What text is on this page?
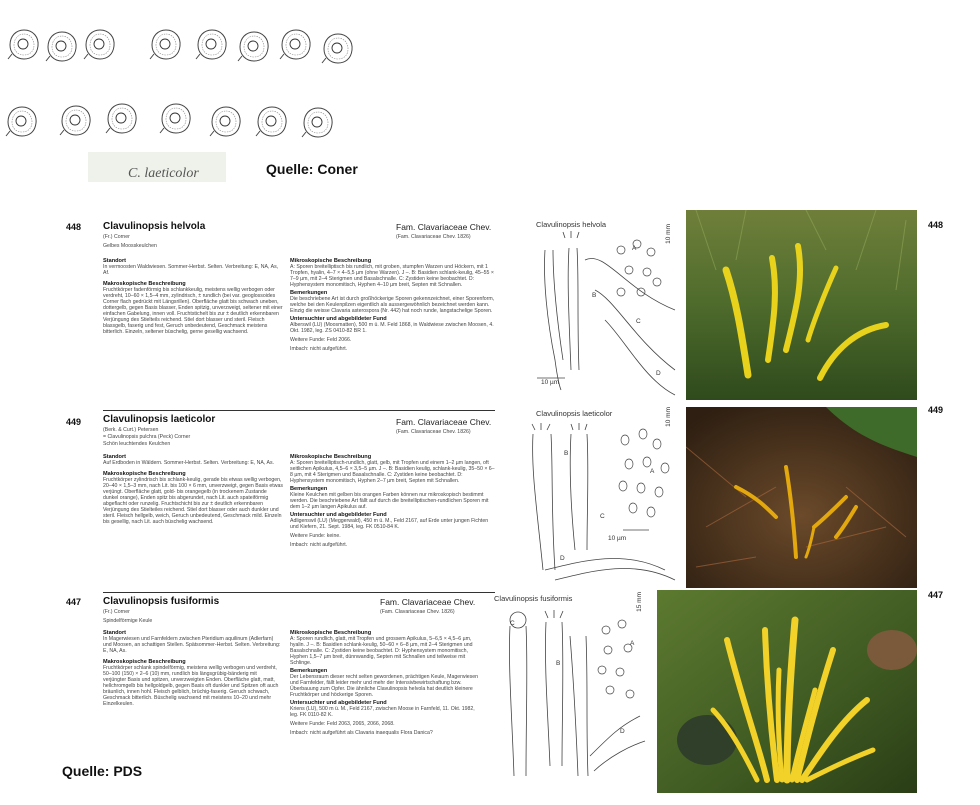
C. laeticolor	Quelle: Coner
448 Clavulinopsis helvola
(Fr.) Corner
Gelbes Moosskeulchen
Fam. Clavariaceae Chev.
(Fam. Clavariaceae Chev. 1826)
Standort
In vermoosten Waldwiesen. Sommer-Herbst. Selten. Verbreitung: E, NA, As, Af.
Makroskopische Beschreibung
Fruchtkörper fadenförmig bis schlankkeulig, meistens wellig verbogen oder verdreht, 10–60 × 1,5–4 mm, zylindrisch, ± rundlich (bei var. geoglossoides Corner flach gedrückt mit Längsrillen). Oberfläche glatt bis schwach uneben, dottergelb, gegen Basis blasser, Enden spitzig, unverzweigt, seltener mit einer einfachen Gabelung, innen voll. Fruchtstichelt bis zur ± deutlich erkennbaren Verjüngung des Stielteils reichend. Stiel dort blasser und steril. Fleisch blassgelb, faserig und fest, Geruch unbedeutend, Geschmack meistens bitterlich. Einzeln, seltener büschelig, gerne gesellig wachsend.
Mikroskopische Beschreibung
A: Sporen breitelliptisch bis rundlich, mit groben, stumpfen Warzen und Höckern, mit 1 Tropfen, hyalin, 4–7 × 4–5,5 µm (ohne Warzen). J –. B: Basidien schlank-keulig, 45–55 × 7–9 µm, mit 2–4 Sterigmen und Basalschnalle. C: Zystiden keine beobachtet. D: Hyphensystem monomitisch, Hyphen 4–10 µm breit, Septen mit Schnallen.
Bemerkungen
Die beschriebene Art ist durch großhöckerige Sporen gekennzeichnet, einer Sporenform, welche bei den Keulenpilzen eigentlich als aussergewöhnlich bezeichnet werden kann. Einzig die weisse Clavaria asterospora (Nr. 442) hat noch runde, langstachelige Sporen.
Untersuchter und abgebildeter Fund
Alberswil (LU) (Moosmatten), 500 m ü. M. Feld 1868, in Waldwiese zwischen Moosen, 4. Okt. 1982, leg. ZS 0410-82 BR 1.
Weitere Funde: Feld 2066.
Imbach: nicht aufgeführt.
Clavulinopsis helvola	10 mm
10 µm
A
B
C
D
448
449 Clavulinopsis laeticolor
(Berk. & Curt.) Petersen
= Clavulinopsis pulchra (Peck) Corner
Schön leuchtendes Keulchen
Fam. Clavariaceae Chev.
(Fam. Clavariaceae Chev. 1826)
Standort
Auf Erdboden in Wäldern. Sommer-Herbst. Selten. Verbreitung: E, NA, As.
Makroskopische Beschreibung
Fruchtkörper zylindrisch bis schlank-keulig, gerade bis etwas wellig verbogen, 20–40 × 1,5–3 mm, nach Lit. bis 100 × 6 mm, unverzweigt, gegen Basis etwas verjüngt. Oberfläche glatt, gold- bis orangegelb (in trockenem Zustande dunkel orange), Enden spitz bis abgerundet, nach Lit. auch spateiförmig abgeflacht oder runzelig. Fruchtschicht bis zur ± deutlich erkennbaren Verjüngung des Stielteiles reichend. Stiel dort blasser oder auch dunkler und steril. Fleisch hellgelb, weich, Geruch unbedeutend, Geschmack mild. Einzeln bis gesellig, nach Lit. auch büschelig wachsend.
Mikroskopische Beschreibung
A: Sporen breitelliptisch-rundlich, glatt, gelb, mit Tropfen und einem 1–2 µm langen, oft seitlichen Apikulus, 4,5–6 × 3,5–5 µm. J –. B: Basidien keulig, schlank-keulig, 35–50 × 6–8 µm, mit 4 Sterigmen und Basalschnalle. C: Zystiden keine beobachtet. D: Hyphensystem monomitisch, Hyphen 2–7 µm breit, Septen mit Schnallen.
Bemerkungen
Kleine Keulchen mit gelben bis orangen Farben können nur mikroskopisch bestimmt werden. Die beschriebene Art fällt auf durch die breitelliptischen-rundlichen Sporen mit dem 1–2 µm langen Apikulus auf.
Untersuchter und abgebildeter Fund
Adligenswil (LU) (Meggerwald), 450 m ü. M., Feld 2167, auf Erde unter jungen Fichten und Kiefern, 21. Sept. 1984, leg. FK 0510-84 K.
Weitere Funde: keine.
Imbach: nicht aufgeführt.
Clavulinopsis laeticolor	10 mm
10 µm
A
B
C
D
449
447 Clavulinopsis fusiformis
(Fr.) Corner
Spindelförmige Keule
Fam. Clavariaceae Chev.
(Fam. Clavariaceae Chev. 1826)
Standort
In Magerwiesen und Farnfeldern zwischen Pteridium aquilinum (Adlerfarn) und Moosen, an schattigen Stellen. Spätsommer-Herbst. Selten. Verbreitung: E, NA, As.
Makroskopische Beschreibung
Fruchtkörper schlank spindelförmig, meistens wellig verbogen und verdreht, 50–100 (150) × 2–6 (10) mm, rundlich bis längsgrübig-bänderig mit verjüngter Basis und spitzen, unverzweigten Enden. Oberfläche glatt, matt, hellchromgelb bis hellgoldgelb, gegen Basis oft dunkler und Spitzen oft auch bräunlich, innen hohl. Fleisch gelblich, brüchig-faserig. Geruch schwach, Geschmack bitterlich. Büschelig wachsend mit meistens 10–20 und mehr Einzelkeulen.
Mikroskopische Beschreibung
A: Sporen rundlich, glatt, mit Tropfen und grossem Apikulus, 5–6,5 × 4,5–6 µm, hyalin. J –. B: Basidien schlank-keulig, 50–60 × 6–8 µm, mit 2–4 Sterigmen und Basalschnalle. C: Zystiden keine beobachtet. D: Hyphensystem monomitisch, Hyphen 1,5–7 µm breit, dünnwandig, Septen mit Schnallen und teilweise mit Schlinge.
Bemerkungen
Der Lebensraum dieser recht selten gewordenen, prächtigen Keule, Magerwiesen und Farnfelder, fällt leider mehr und mehr der Intensivbewirtschaftung bzw. Überbauung zum Opfer. Die ähnliche Clavulinopsis helvola hat deutlich kleinere Fruchtkörper und höckerige Sporen.
Untersuchter und abgebildeter Fund
Kriens (LU), 500 m ü. M., Feld 2167, zwischen Moose in Farnfeld, 11. Okt. 1982, leg. FK 0110-82 K.
Weitere Funde: Feld 2063, 2065, 2066, 2068.
Imbach: nicht aufgeführt als Clavaria inaequalis Flora Danica?
Clavulinopsis fusiformis	15 mm
A
B
C
D
447
Quelle: PDS
